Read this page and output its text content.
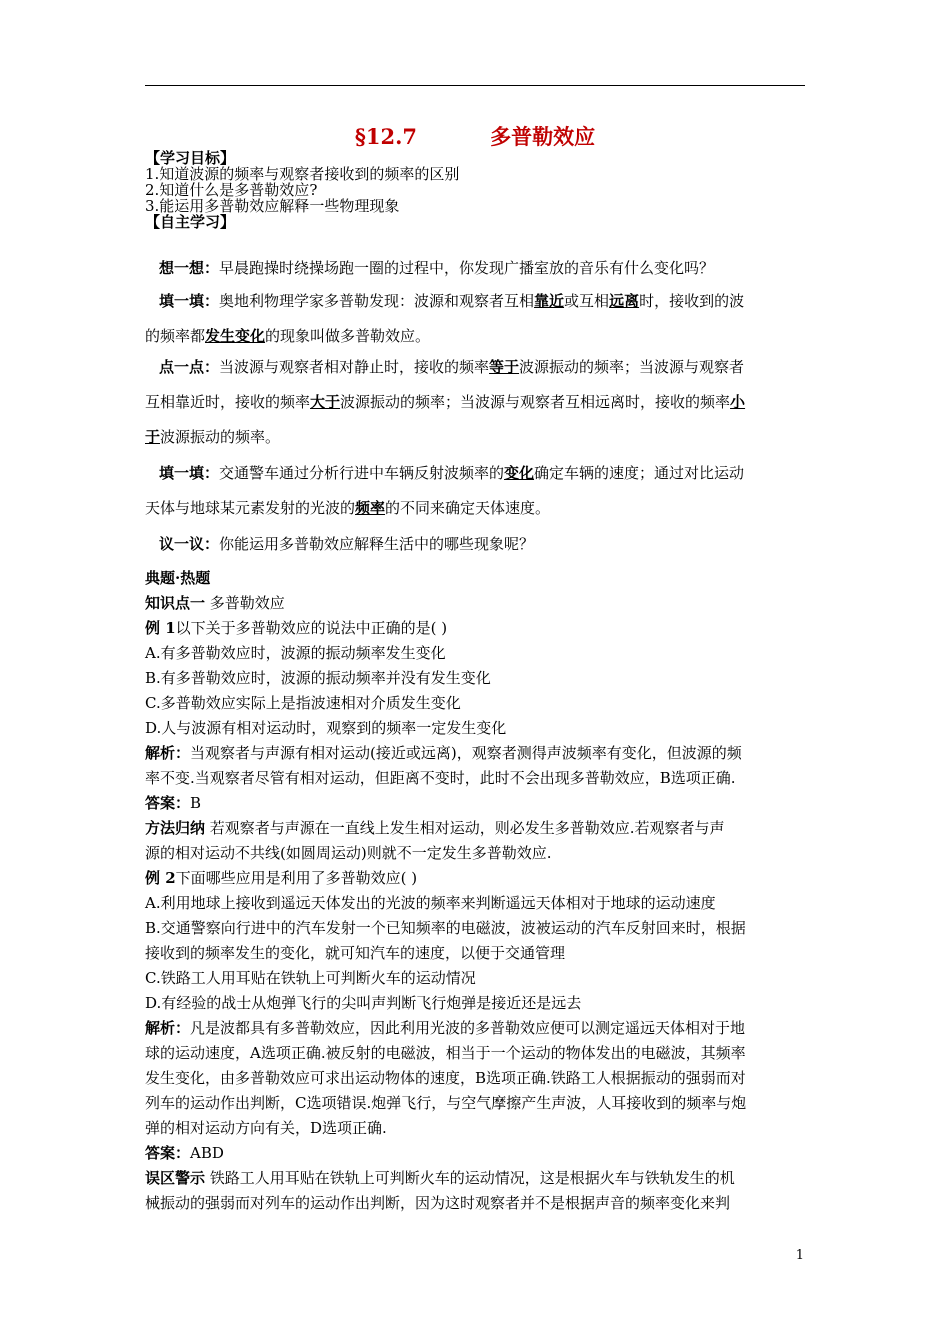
§12.7          多普勒效应
【学习目标】
1.知道波源的频率与观察者接收到的频率的区别
2.知道什么是多普勒效应?
3.能运用多普勒效应解释一些物理现象
【自主学习】
想一想：早晨跑操时绕操场跑一圈的过程中，你发现广播室放的音乐有什么变化吗？
填一填：奥地利物理学家多普勒发现：波源和观察者互相靠近或互相远离时，接收到的波
的频率都发生变化的现象叫做多普勒效应。
点一点：当波源与观察者相对静止时，接收的频率等于波源振动的频率；当波源与观察者
互相靠近时，接收的频率大于波源振动的频率；当波源与观察者互相远离时，接收的频率小
于波源振动的频率。
填一填：交通警车通过分析行进中车辆反射波频率的变化确定车辆的速度；通过对比运动
天体与地球某元素发射的光波的频率的不同来确定天体速度。
议一议：你能运用多普勒效应解释生活中的哪些现象呢？
典题·热题
知识点一 多普勒效应
例 1以下关于多普勒效应的说法中正确的是( )
A.有多普勒效应时，波源的振动频率发生变化
B.有多普勒效应时，波源的振动频率并没有发生变化
C.多普勒效应实际上是指波速相对介质发生变化
D.人与波源有相对运动时，观察到的频率一定发生变化
解析：当观察者与声源有相对运动(接近或远离)，观察者测得声波频率有变化，但波源的频
率不变.当观察者尽管有相对运动，但距离不变时，此时不会出现多普勒效应，B选项正确.
答案：B
方法归纳 若观察者与声源在一直线上发生相对运动，则必发生多普勒效应.若观察者与声
源的相对运动不共线(如圆周运动)则就不一定发生多普勒效应.
例 2下面哪些应用是利用了多普勒效应( )
A.利用地球上接收到遥远天体发出的光波的频率来判断遥远天体相对于地球的运动速度
B.交通警察向行进中的汽车发射一个已知频率的电磁波，波被运动的汽车反射回来时，根据
接收到的频率发生的变化，就可知汽车的速度，以便于交通管理
C.铁路工人用耳贴在铁轨上可判断火车的运动情况
D.有经验的战士从炮弹飞行的尖叫声判断飞行炮弹是接近还是远去
解析：凡是波都具有多普勒效应，因此利用光波的多普勒效应便可以测定遥远天体相对于地
球的运动速度，A选项正确.被反射的电磁波，相当于一个运动的物体发出的电磁波，其频率
发生变化，由多普勒效应可求出运动物体的速度，B选项正确.铁路工人根据振动的强弱而对
列车的运动作出判断，C选项错误.炮弹飞行，与空气摩擦产生声波，人耳接收到的频率与炮
弹的相对运动方向有关，D选项正确.
答案：ABD
误区警示 铁路工人用耳贴在铁轨上可判断火车的运动情况，这是根据火车与铁轨发生的机
械振动的强弱而对列车的运动作出判断，因为这时观察者并不是根据声音的频率变化来判
1
